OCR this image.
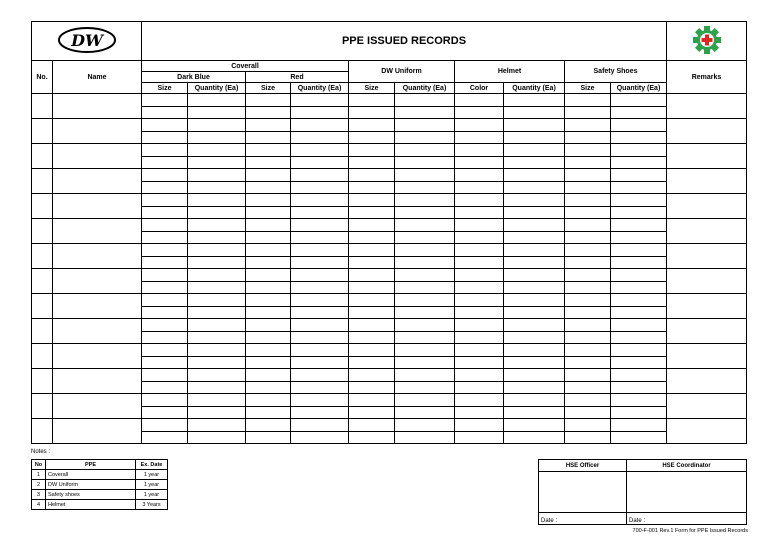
DW		PPE ISSUED RECORDS	
No.	Name	Coverall				DW Uniform		Helmet		Safety Shoes		Remarks
		Dark Blue		Red								
		Size	Quantity (Ea)	Size	Quantity (Ea)	Size	Quantity (Ea)	Color	Quantity (Ea)	Size	Quantity (Ea)	

Notes :
No	PPE	Ex. Date
1	Coverall	1 year
2	DW Uniform	1 year
3	Safety shoes	1 year
4	Helmet	3 Years
HSE Officer	HSE Coordinator

Date :	Date :
700-F-001 Rev.1 Form for PPE Issued Records
